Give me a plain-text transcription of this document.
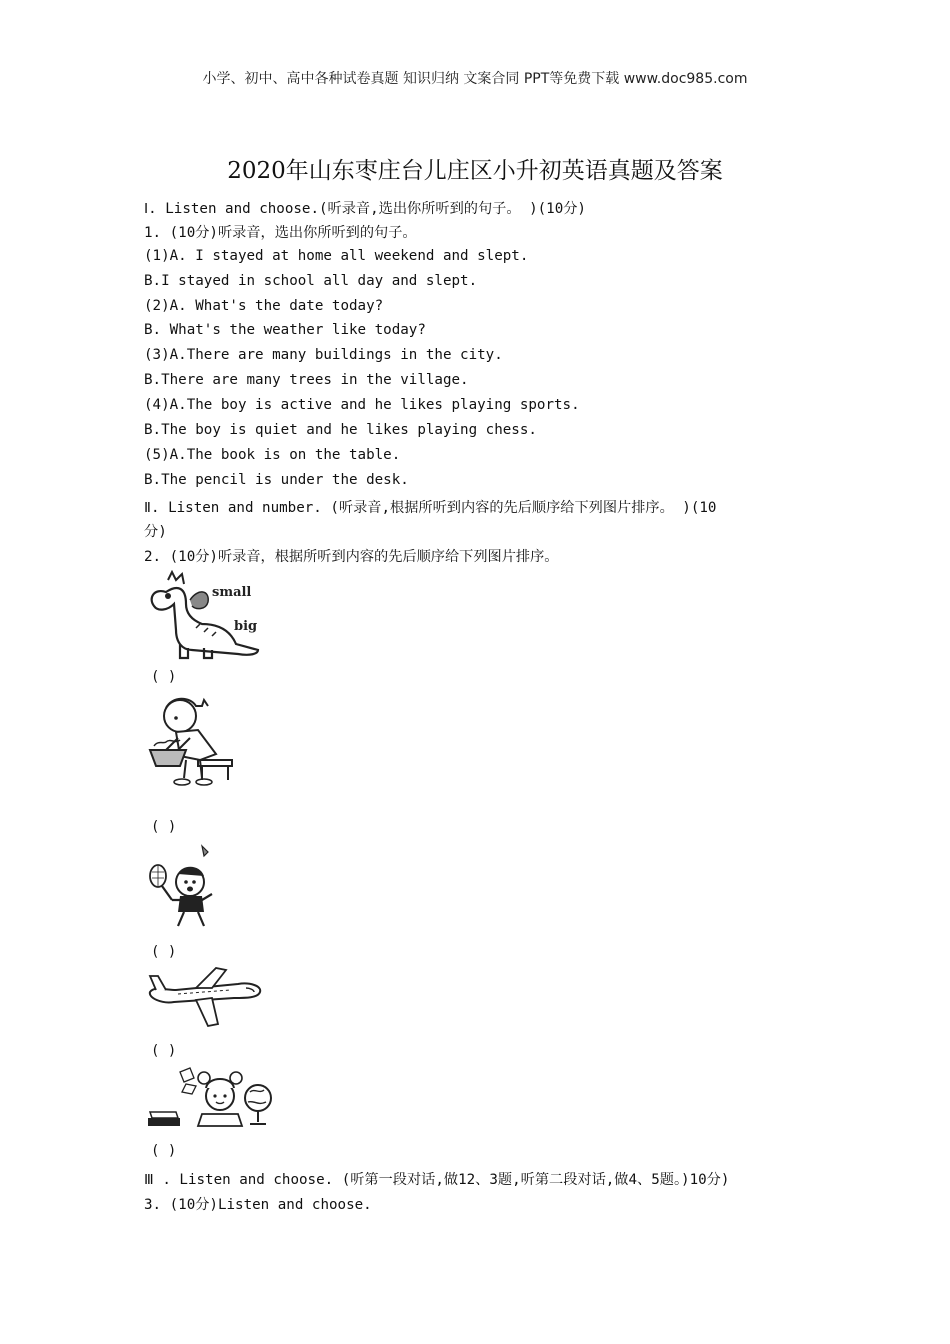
小学、初中、高中各种试卷真题 知识归纳 文案合同 PPT等免费下载 www.doc985.com
2020年山东枣庄台儿庄区小升初英语真题及答案
Ⅰ. Listen and choose.(听录音,选出你所听到的句子。 )(10分)
1. (10分)听录音，选出你所听到的句子。
(1)A. I stayed at home all weekend and slept.
B.I stayed in school all day and slept.
(2)A. What's the date today?
B. What's the weather like today?
(3)A.There are many buildings in the city.
B.There are many trees in the village.
(4)A.The boy is active and he likes playing sports.
B.The boy is quiet and he likes playing chess.
(5)A.The book is on the table.
B.The pencil is under the desk.
Ⅱ. Listen and number. (听录音,根据所听到内容的先后顺序给下列图片排序。 )(10
分)
2. (10分)听录音，根据所听到内容的先后顺序给下列图片排序。
small
big
( )
( )
( )
( )
( )
Ⅲ . Listen and choose. (听第一段对话,做12、3题,听第二段对话,做4、5题。)10分)
3. (10分)Listen and choose.
